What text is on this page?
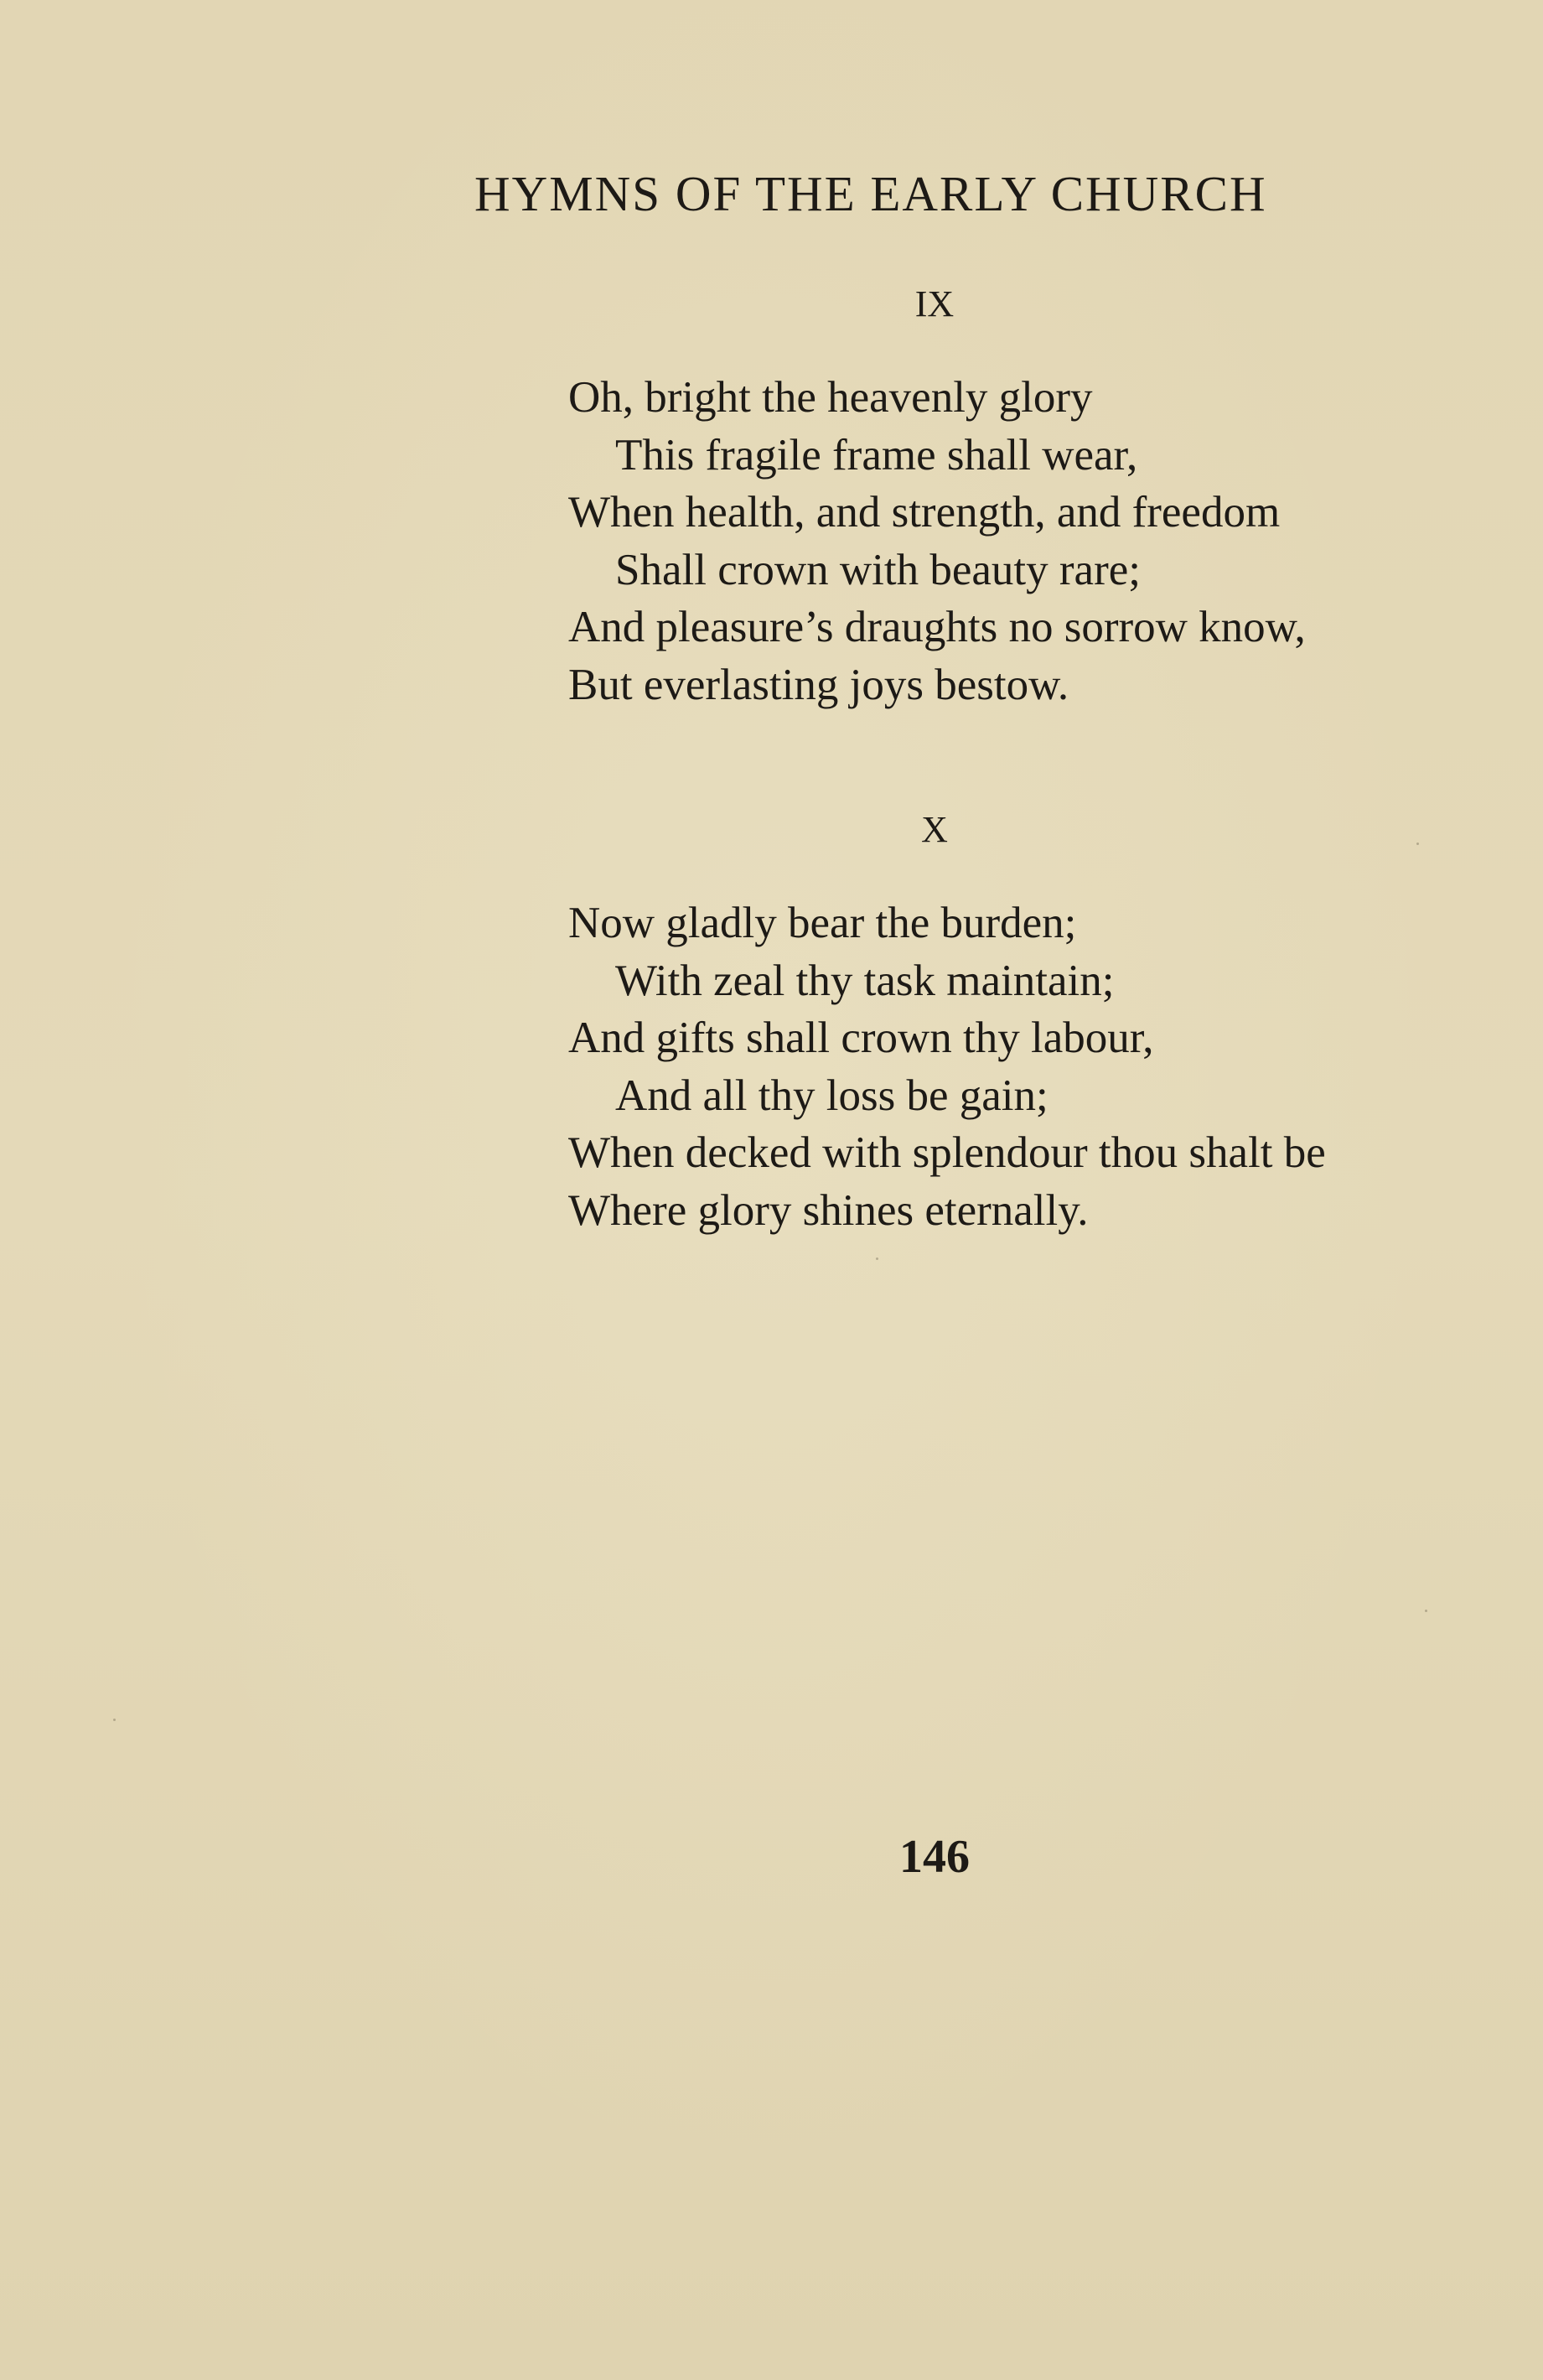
HYMNS OF THE EARLY CHURCH
IX
Oh, bright the heavenly glory
This fragile frame shall wear,
When health, and strength, and freedom
Shall crown with beauty rare;
And pleasure’s draughts no sorrow know,
But everlasting joys bestow.
X
Now gladly bear the burden;
With zeal thy task maintain;
And gifts shall crown thy labour,
And all thy loss be gain;
When decked with splendour thou shalt be
Where glory shines eternally.
146
